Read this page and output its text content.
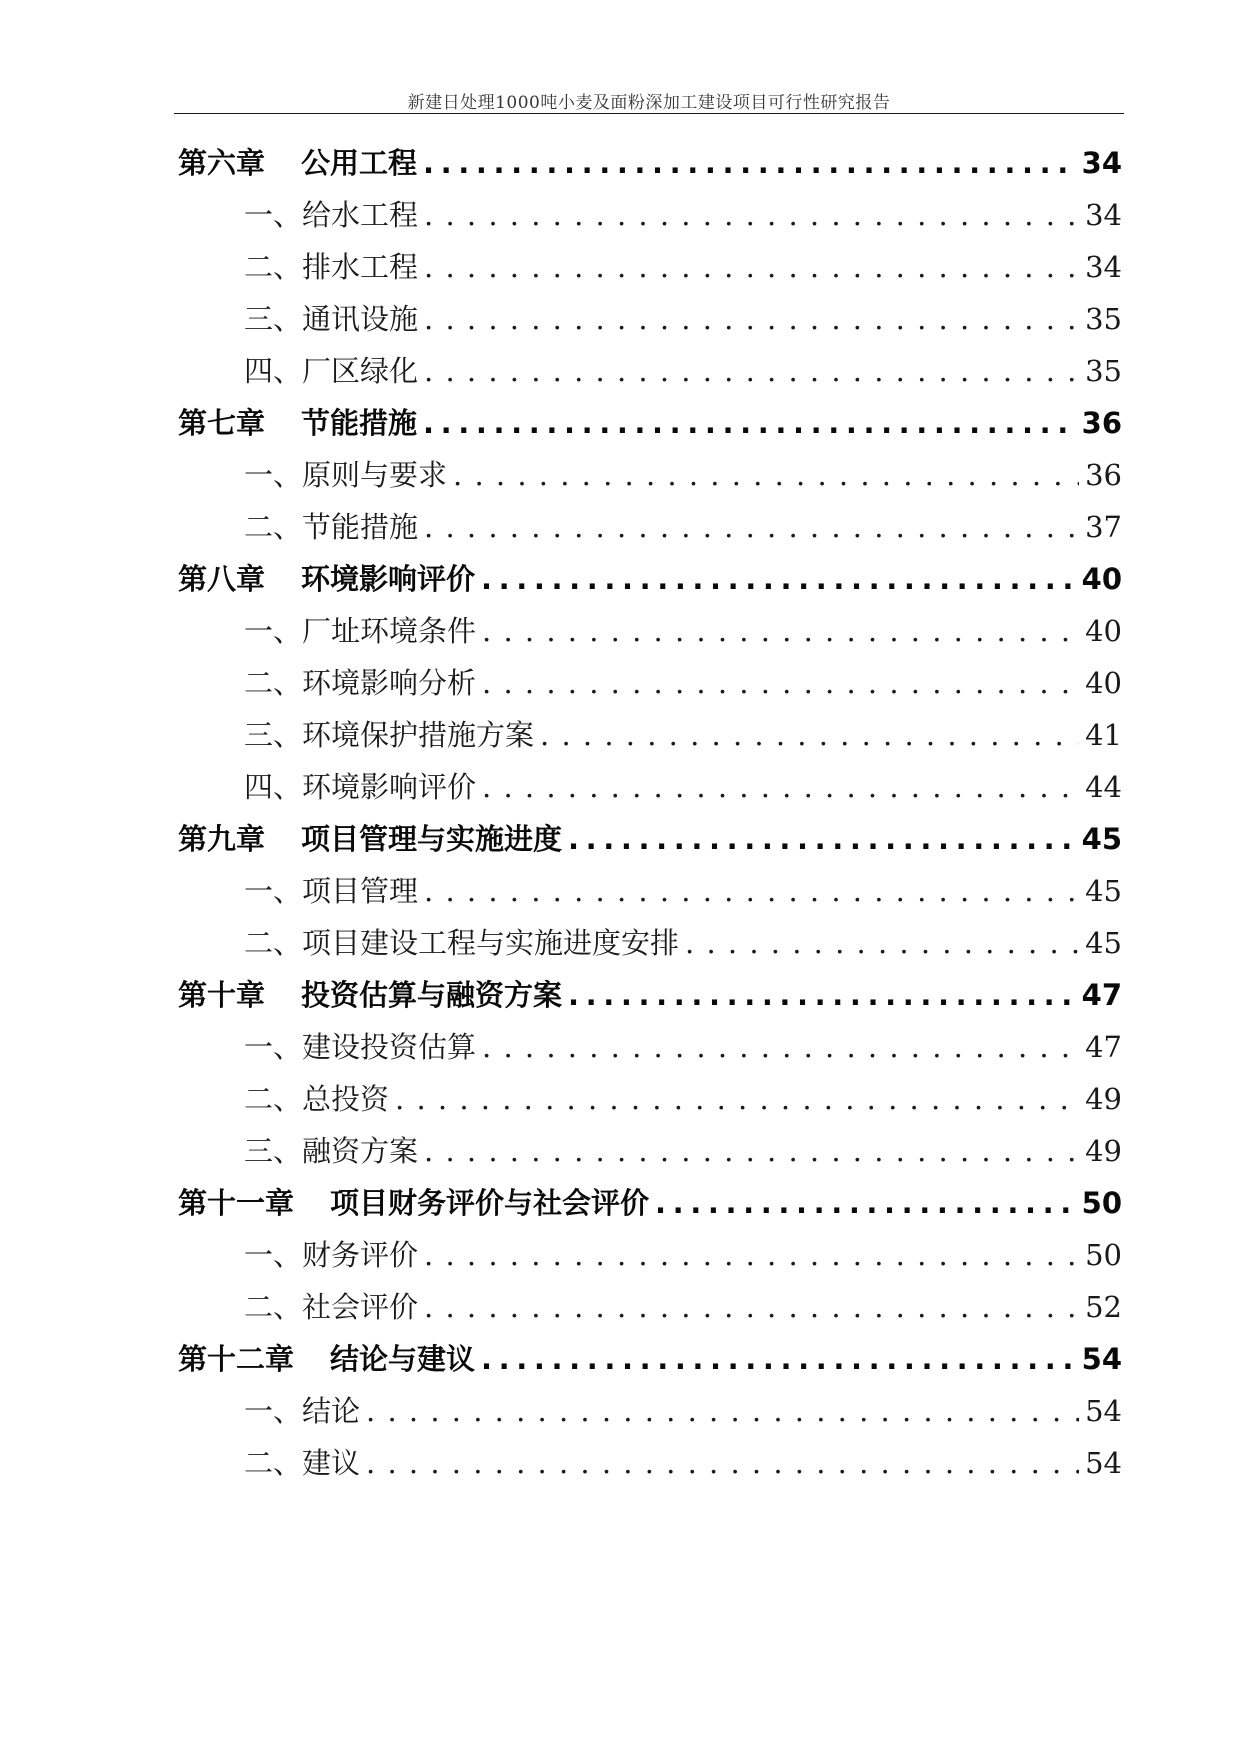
新建日处理1000吨小麦及面粉深加工建设项目可行性研究报告
第六章 公用工程 .....	34
一、 给水工程 . . .	34
二、 排水工程 . . .	34
三、 通讯设施 . . .	35
四、 厂区绿化 . . .	35
第七章 节能措施 .....	36
一、 原则与要求 . . .	36
二、 节能措施 . . .	37
第八章 环境影响评价 .....	40
一、 厂址环境条件 . . .	40
二、 环境影响分析 . . .	40
三、 环境保护措施方案 . . .	41
四、 环境影响评价 . . .	44
第九章 项目管理与实施进度 .....	45
一、 项目管理 . . .	45
二、 项目建设工程与实施进度安排 . . .	45
第十章 投资估算与融资方案 .....	47
一、 建设投资估算 . . .	47
二、 总投资 . . .	49
三、 融资方案 . . .	49
第十一章 项目财务评价与社会评价 .....	50
一、 财务评价 . . .	50
二、 社会评价 . . .	52
第十二章 结论与建议 .....	54
一、 结论 . . .	54
二、 建议 . . .	54
